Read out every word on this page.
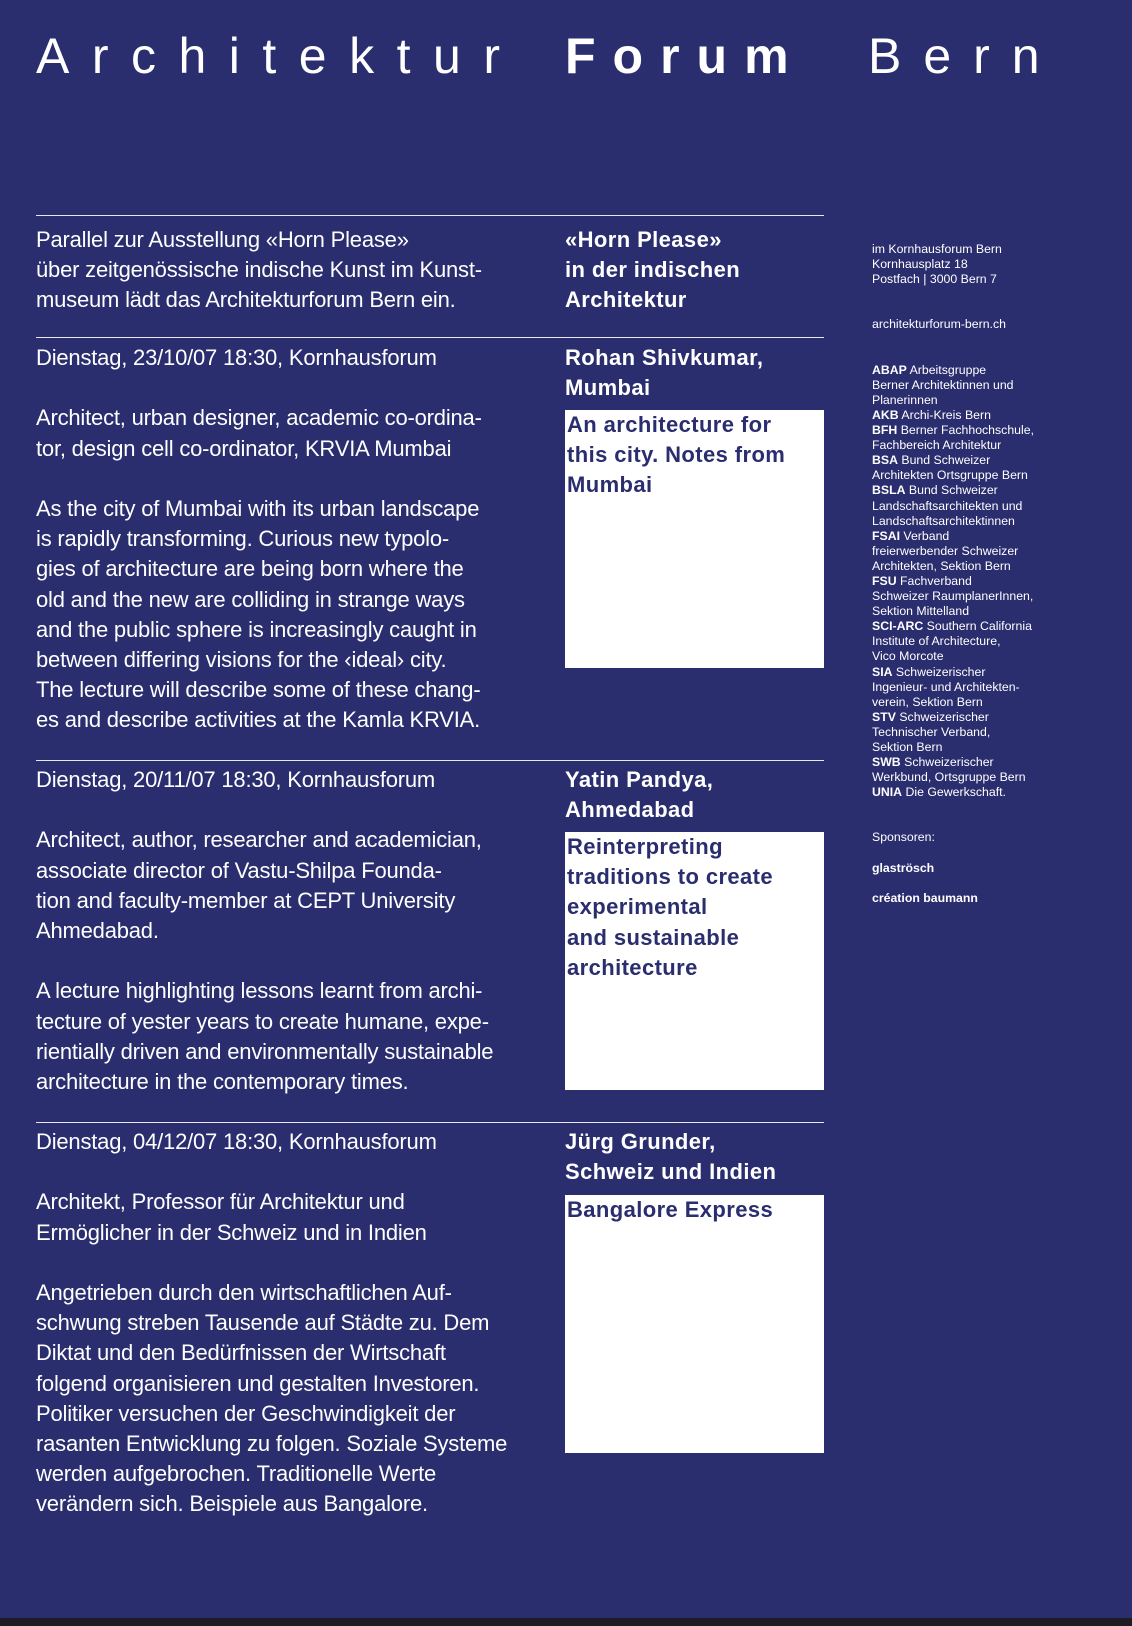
Architektur Forum Bern
Parallel zur Ausstellung «Horn Please»
über zeitgenössische indische Kunst im Kunst-
museum lädt das Architekturforum Bern ein.
«Horn Please»
in der indischen
Architektur
Dienstag, 23/10/07 18:30, Kornhausforum

Architect, urban designer, academic co-ordina-
tor, design cell co-ordinator, KRVIA Mumbai

As the city of Mumbai with its urban landscape
is rapidly transforming. Curious new typolo-
gies of architecture are being born where the
old and the new are colliding in strange ways
and the public sphere is increasingly caught in
between differing visions for the ‹ideal› city.
The lecture will describe some of these chang-
es and describe activities at the Kamla KRVIA.
Rohan Shivkumar,
Mumbai
An architecture for
this city. Notes from
Mumbai
Dienstag, 20/11/07 18:30, Kornhausforum

Architect, author, researcher and academician,
associate director of Vastu-Shilpa Founda-
tion and faculty-member at CEPT University
Ahmedabad.

A lecture highlighting lessons learnt from archi-
tecture of yester years to create humane, expe-
rientially driven and environmentally sustainable
architecture in the contemporary times.
Yatin Pandya,
Ahmedabad
Reinterpreting
traditions to create
experimental
and sustainable
architecture
Dienstag, 04/12/07 18:30, Kornhausforum

Architekt, Professor für Architektur und
Ermöglicher in der Schweiz und in Indien

Angetrieben durch den wirtschaftlichen Auf-
schwung streben Tausende auf Städte zu. Dem
Diktat und den Bedürfnissen der Wirtschaft
folgend organisieren und gestalten Investoren.
Politiker versuchen der Geschwindigkeit der
rasanten Entwicklung zu folgen. Soziale Systeme
werden aufgebrochen. Traditionelle Werte
verändern sich. Beispiele aus Bangalore.
Jürg Grunder,
Schweiz und Indien
Bangalore Express

im Kornhausforum Bern
Kornhausplatz 18
Postfach | 3000 Bern 7

architekturforum-bern.ch

ABAP Arbeitsgruppe
Berner Architektinnen und
Planerinnen
AKB Archi-Kreis Bern
BFH Berner Fachhochschule,
Fachbereich Architektur
BSA Bund Schweizer
Architekten Ortsgruppe Bern
BSLA Bund Schweizer
Landschaftsarchitekten und
Landschaftsarchitektinnen
FSAI Verband
freierwerbender Schweizer
Architekten, Sektion Bern
FSU Fachverband
Schweizer RaumplanerInnen,
Sektion Mittelland
SCI-ARC Southern California
Institute of Architecture,
Vico Morcote
SIA Schweizerischer
Ingenieur- und Architekten-
verein, Sektion Bern
STV Schweizerischer
Technischer Verband,
Sektion Bern
SWB Schweizerischer
Werkbund, Ortsgruppe Bern
UNIA Die Gewerkschaft.

Sponsoren:

glaströsch

création baumann
